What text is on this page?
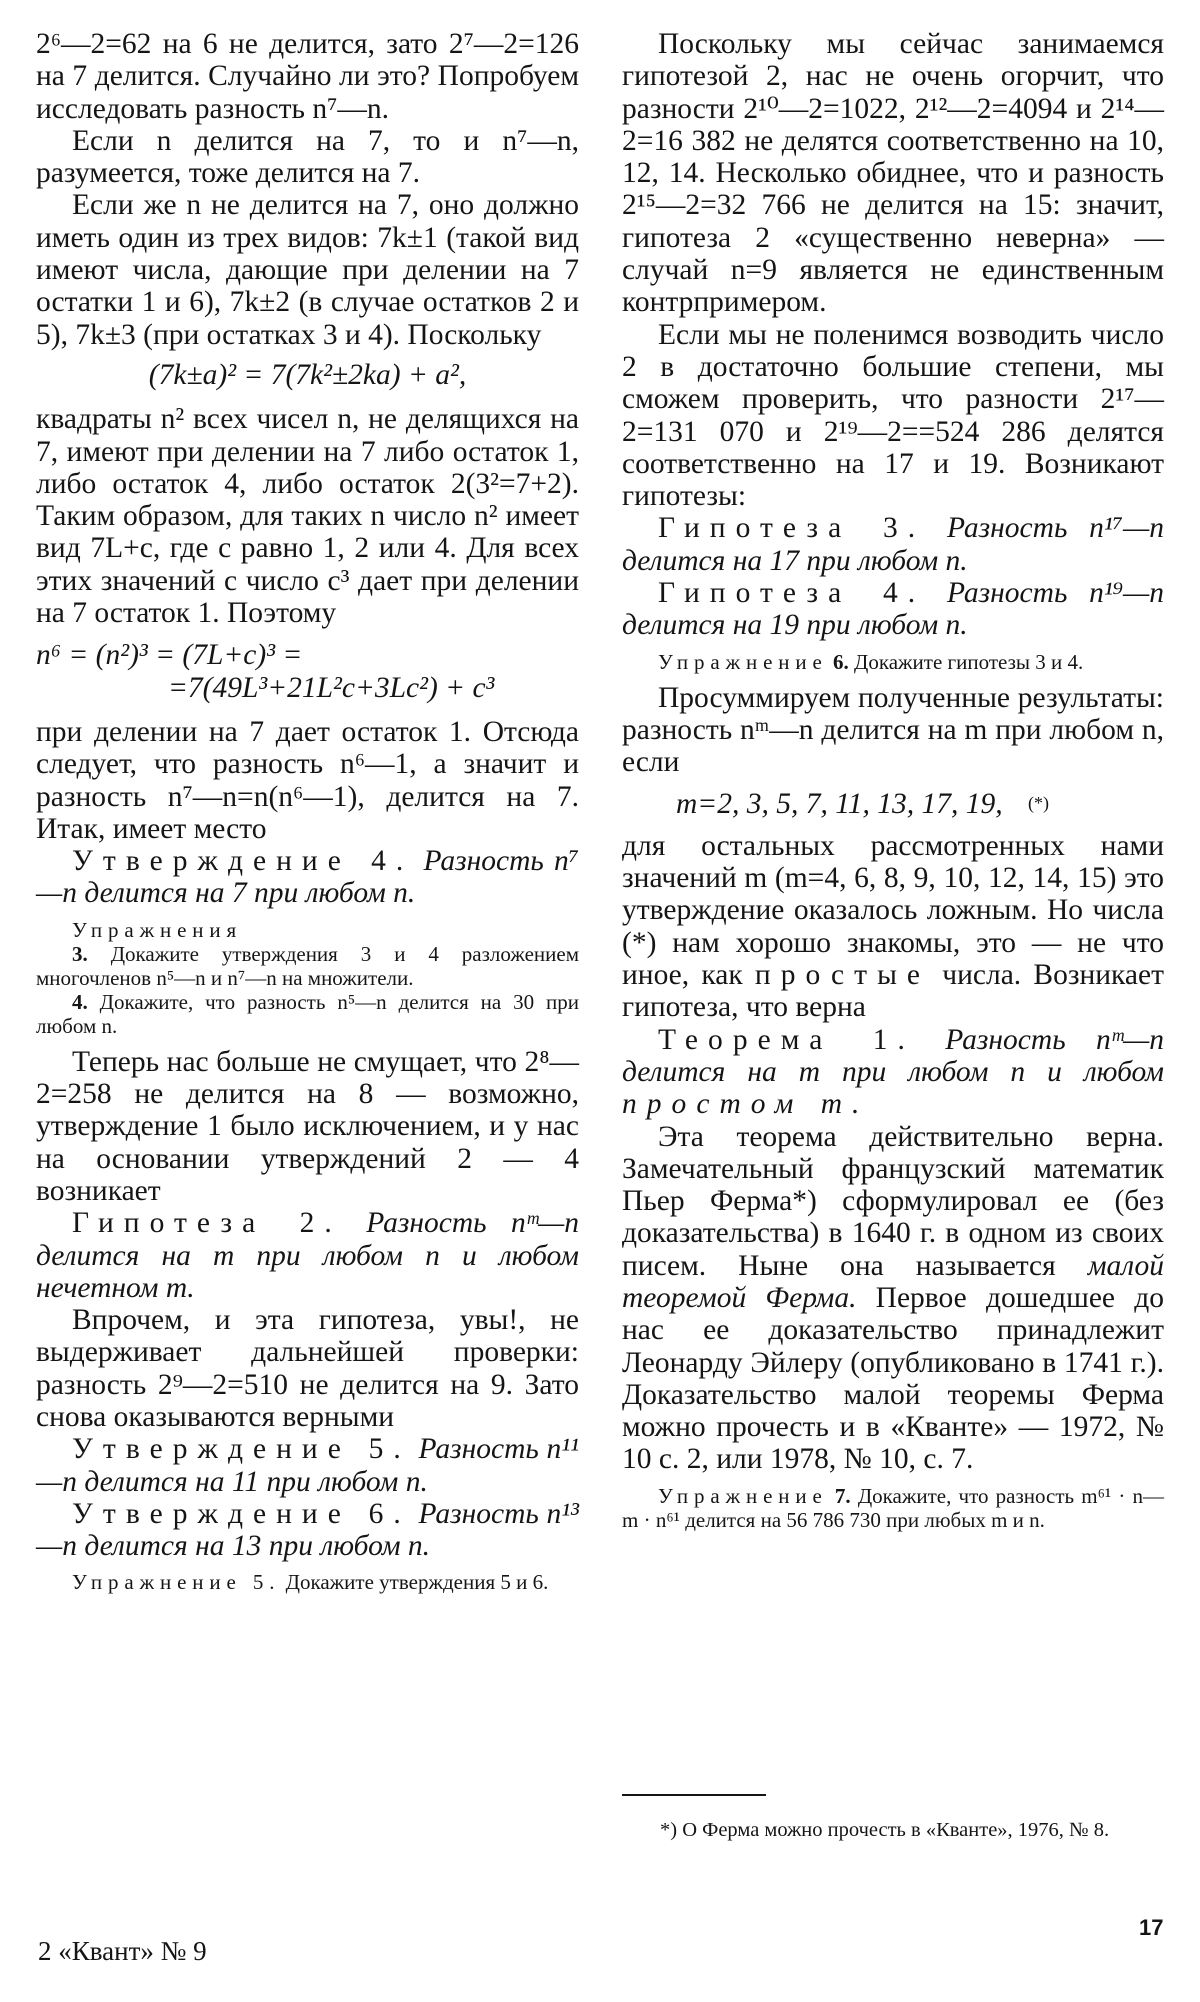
2⁶—2=62 на 6 не делится, зато 2⁷—2=126 на 7 делится. Случайно ли это? Попробуем исследовать разность n⁷—n.

Если n делится на 7, то и n⁷—n, разумеется, тоже делится на 7.

Если же n не делится на 7, оно должно иметь один из трех видов: 7k±1 (такой вид имеют числа, дающие при делении на 7 остатки 1 и 6), 7k±2 (в случае остатков 2 и 5), 7k±3 (при остатках 3 и 4). Поскольку

(7k±a)² = 7(7k²±2ka) + a²,

квадраты n² всех чисел n, не делящихся на 7, имеют при делении на 7 либо остаток 1, либо остаток 4, либо остаток 2(3²=7+2). Таким образом, для таких n число n² имеет вид 7L+c, где c равно 1, 2 или 4. Для всех этих значений c число c³ дает при делении на 7 остаток 1. Поэтому

n⁶ = (n²)³ = (7L+c)³ =
=7(49L³+21L²c+3Lc²) + c³

при делении на 7 дает остаток 1. Отсюда следует, что разность n⁶—1, а значит и разность n⁷—n=n(n⁶—1), делится на 7. Итак, имеет место

Утверждение 4. Разность n⁷—n делится на 7 при любом n.

Упражнения

3. Докажите утверждения 3 и 4 разложением многочленов n⁵—n и n⁷—n на множители.

4. Докажите, что разность n⁵—n делится на 30 при любом n.

Теперь нас больше не смущает, что 2⁸—2=258 не делится на 8 — возможно, утверждение 1 было исключением, и у нас на основании утверждений 2 — 4 возникает

Гипотеза 2. Разность nᵐ—n делится на m при любом n и любом нечетном m.

Впрочем, и эта гипотеза, увы!, не выдерживает дальнейшей проверки: разность 2⁹—2=510 не делится на 9. Зато снова оказываются верными

Утверждение 5. Разность n¹¹—n делится на 11 при любом n.

Утверждение 6. Разность n¹³—n делится на 13 при любом n.

Упражнение 5. Докажите утверждения 5 и 6.

Поскольку мы сейчас занимаемся гипотезой 2, нас не очень огорчит, что разности 2¹⁰—2=1022, 2¹²—2=4094 и 2¹⁴—2=16 382 не делятся соответственно на 10, 12, 14. Несколько обиднее, что и разность 2¹⁵—2=32 766 не делится на 15: значит, гипотеза 2 «существенно неверна» — случай n=9 является не единственным контрпримером.

Если мы не поленимся возводить число 2 в достаточно большие степени, мы сможем проверить, что разности 2¹⁷—2=131 070 и 2¹⁹—2==524 286 делятся соответственно на 17 и 19. Возникают гипотезы:

Гипотеза 3. Разность n¹⁷—n делится на 17 при любом n.

Гипотеза 4. Разность n¹⁹—n делится на 19 при любом n.

Упражнение 6. Докажите гипотезы 3 и 4.

Просуммируем полученные результаты: разность nᵐ—n делится на m при любом n, если

m=2, 3, 5, 7, 11, 13, 17, 19, (*)

для остальных рассмотренных нами значений m (m=4, 6, 8, 9, 10, 12, 14, 15) это утверждение оказалось ложным. Но числа (*) нам хорошо знакомы, это — не что иное, как простые числа. Возникает гипотеза, что верна

Теорема 1. Разность nᵐ—n делится на m при любом n и любом простом m.

Эта теорема действительно верна. Замечательный французский математик Пьер Ферма*) сформулировал ее (без доказательства) в 1640 г. в одном из своих писем. Ныне она называется малой теоремой Ферма. Первое дошедшее до нас ее доказательство принадлежит Леонарду Эйлеру (опубликовано в 1741 г.). Доказательство малой теоремы Ферма можно прочесть и в «Кванте» — 1972, № 10 с. 2, или 1978, № 10, с. 7.

Упражнение 7. Докажите, что разность m⁶¹ · n—m · n⁶¹ делится на 56 786 730 при любых m и n.

*) О Ферма можно прочесть в «Кванте», 1976, № 8.

17

2 «Квант» № 9
